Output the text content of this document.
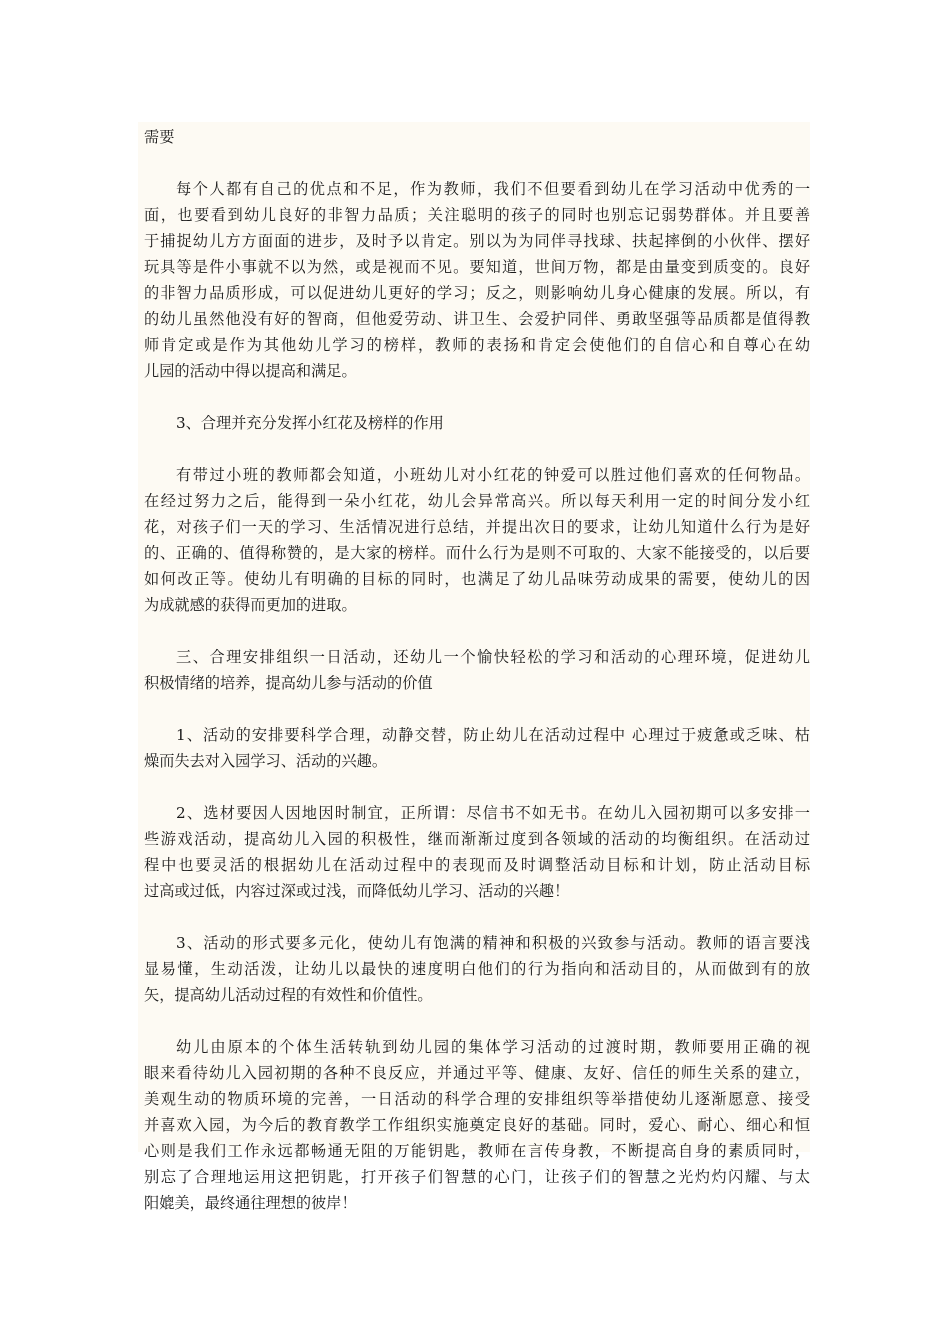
需要
每个人都有自己的优点和不足，作为教师，我们不但要看到幼儿在学习活动中优秀的一
面，也要看到幼儿良好的非智力品质；关注聪明的孩子的同时也别忘记弱势群体。并且要善
于捕捉幼儿方方面面的进步，及时予以肯定。别以为为同伴寻找球、扶起摔倒的小伙伴、摆好
玩具等是件小事就不以为然，或是视而不见。要知道，世间万物，都是由量变到质变的。良好
的非智力品质形成，可以促进幼儿更好的学习；反之，则影响幼儿身心健康的发展。所以，有
的幼儿虽然他没有好的智商，但他爱劳动、讲卫生、会爱护同伴、勇敢坚强等品质都是值得教
师肯定或是作为其他幼儿学习的榜样，教师的表扬和肯定会使他们的自信心和自尊心在幼
儿园的活动中得以提高和满足。
3、合理并充分发挥小红花及榜样的作用
有带过小班的教师都会知道，小班幼儿对小红花的钟爱可以胜过他们喜欢的任何物品。
在经过努力之后，能得到一朵小红花，幼儿会异常高兴。所以每天利用一定的时间分发小红
花，对孩子们一天的学习、生活情况进行总结，并提出次日的要求，让幼儿知道什么行为是好
的、正确的、值得称赞的，是大家的榜样。而什么行为是则不可取的、大家不能接受的，以后要
如何改正等。使幼儿有明确的目标的同时，也满足了幼儿品味劳动成果的需要，使幼儿的因
为成就感的获得而更加的进取。
三、合理安排组织一日活动，还幼儿一个愉快轻松的学习和活动的心理环境，促进幼儿
积极情绪的培养，提高幼儿参与活动的价值
1、活动的安排要科学合理，动静交替，防止幼儿在活动过程中 心理过于疲惫或乏味、枯
燥而失去对入园学习、活动的兴趣。
2、选材要因人因地因时制宜，正所谓：尽信书不如无书。在幼儿入园初期可以多安排一
些游戏活动，提高幼儿入园的积极性，继而渐渐过度到各领域的活动的均衡组织。在活动过
程中也要灵活的根据幼儿在活动过程中的表现而及时调整活动目标和计划，防止活动目标
过高或过低，内容过深或过浅，而降低幼儿学习、活动的兴趣！
3、活动的形式要多元化，使幼儿有饱满的精神和积极的兴致参与活动。教师的语言要浅
显易懂，生动活泼，让幼儿以最快的速度明白他们的行为指向和活动目的，从而做到有的放
矢，提高幼儿活动过程的有效性和价值性。
幼儿由原本的个体生活转轨到幼儿园的集体学习活动的过渡时期，教师要用正确的视
眼来看待幼儿入园初期的各种不良反应，并通过平等、健康、友好、信任的师生关系的建立，
美观生动的物质环境的完善，一日活动的科学合理的安排组织等举措使幼儿逐渐愿意、接受
并喜欢入园，为今后的教育教学工作组织实施奠定良好的基础。同时，爱心、耐心、细心和恒
心则是我们工作永远都畅通无阻的万能钥匙，教师在言传身教，不断提高自身的素质同时，
别忘了合理地运用这把钥匙，打开孩子们智慧的心门，让孩子们的智慧之光灼灼闪耀、与太
阳媲美，最终通往理想的彼岸！
